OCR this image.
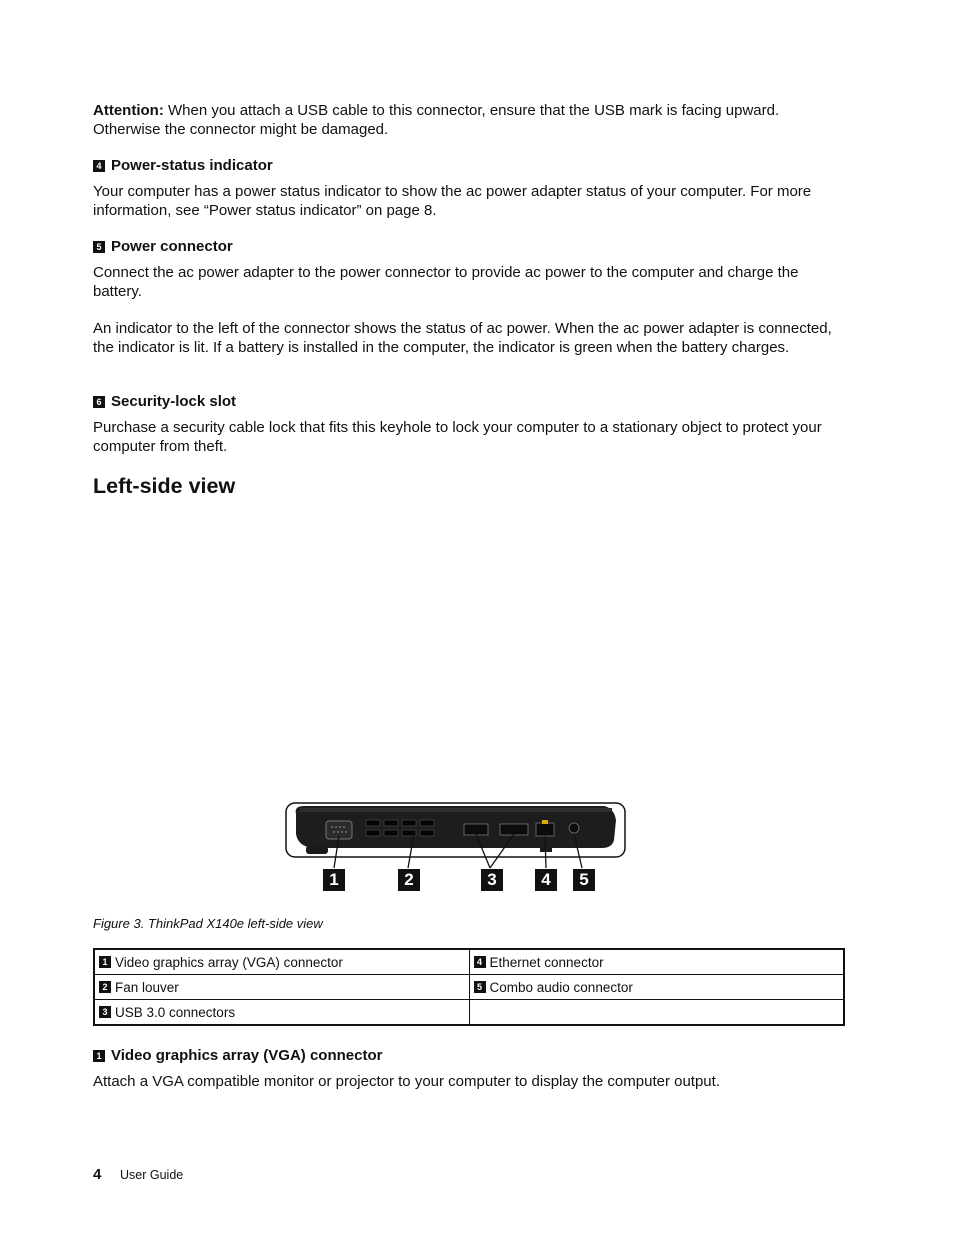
Attention: When you attach a USB cable to this connector, ensure that the USB mark is facing upward. Otherwise the connector might be damaged.

4 Power-status indicator

Your computer has a power status indicator to show the ac power adapter status of your computer. For more information, see “Power status indicator” on page 8.

5 Power connector

Connect the ac power adapter to the power connector to provide ac power to the computer and charge the battery.

An indicator to the left of the connector shows the status of ac power. When the ac power adapter is connected, the indicator is lit. If a battery is installed in the computer, the indicator is green when the battery charges.

6 Security-lock slot

Purchase a security cable lock that fits this keyhole to lock your computer to a stationary object to protect your computer from theft.

Left-side view
1	2	3	4	5
Figure 3. ThinkPad X140e left-side view
1 Video graphics array (VGA) connector	4 Ethernet connector

2 Fan louver	5 Combo audio connector

3 USB 3.0 connectors	

1 Video graphics array (VGA) connector

Attach a VGA compatible monitor or projector to your computer to display the computer output.

4 User Guide
